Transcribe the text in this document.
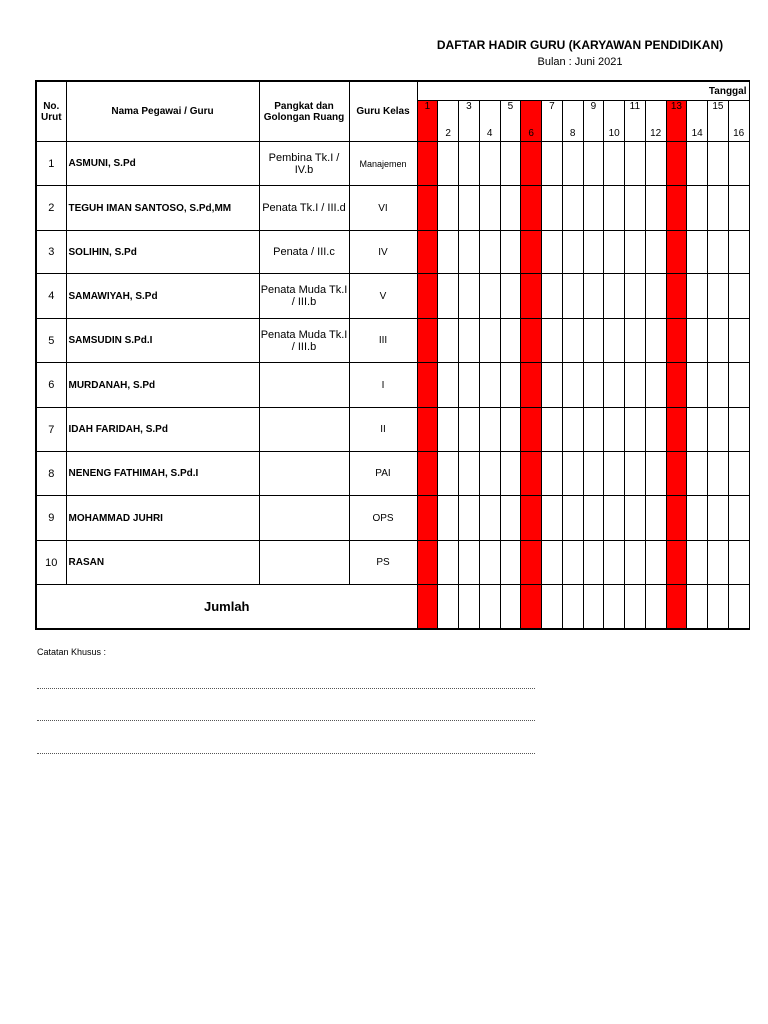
DAFTAR HADIR GURU (KARYAWAN PENDIDIKAN)
Bulan : Juni 2021
No. Urut	Nama Pegawai / Guru	Pangkat dan Golongan Ruang	Guru Kelas	Tanggal															
				1		3		5		7		9		11		13		15	
					2		4		6		8		10		12		14		16
1	ASMUNI, S.Pd	Pembina Tk.I / IV.b	Manajemen																
2	TEGUH IMAN SANTOSO, S.Pd,MM	Penata Tk.I / III.d	VI																
3	SOLIHIN, S.Pd	Penata / III.c	IV																
4	SAMAWIYAH, S.Pd	Penata Muda Tk.I / III.b	V																
5	SAMSUDIN S.Pd.I	Penata Muda Tk.I / III.b	III																
6	MURDANAH, S.Pd		I																
7	IDAH FARIDAH, S.Pd		II																
8	NENENG FATHIMAH, S.Pd.I		PAI																
9	MOHAMMAD JUHRI		OPS																
10	RASAN		PS																
Jumlah																			
Catatan Khusus :
